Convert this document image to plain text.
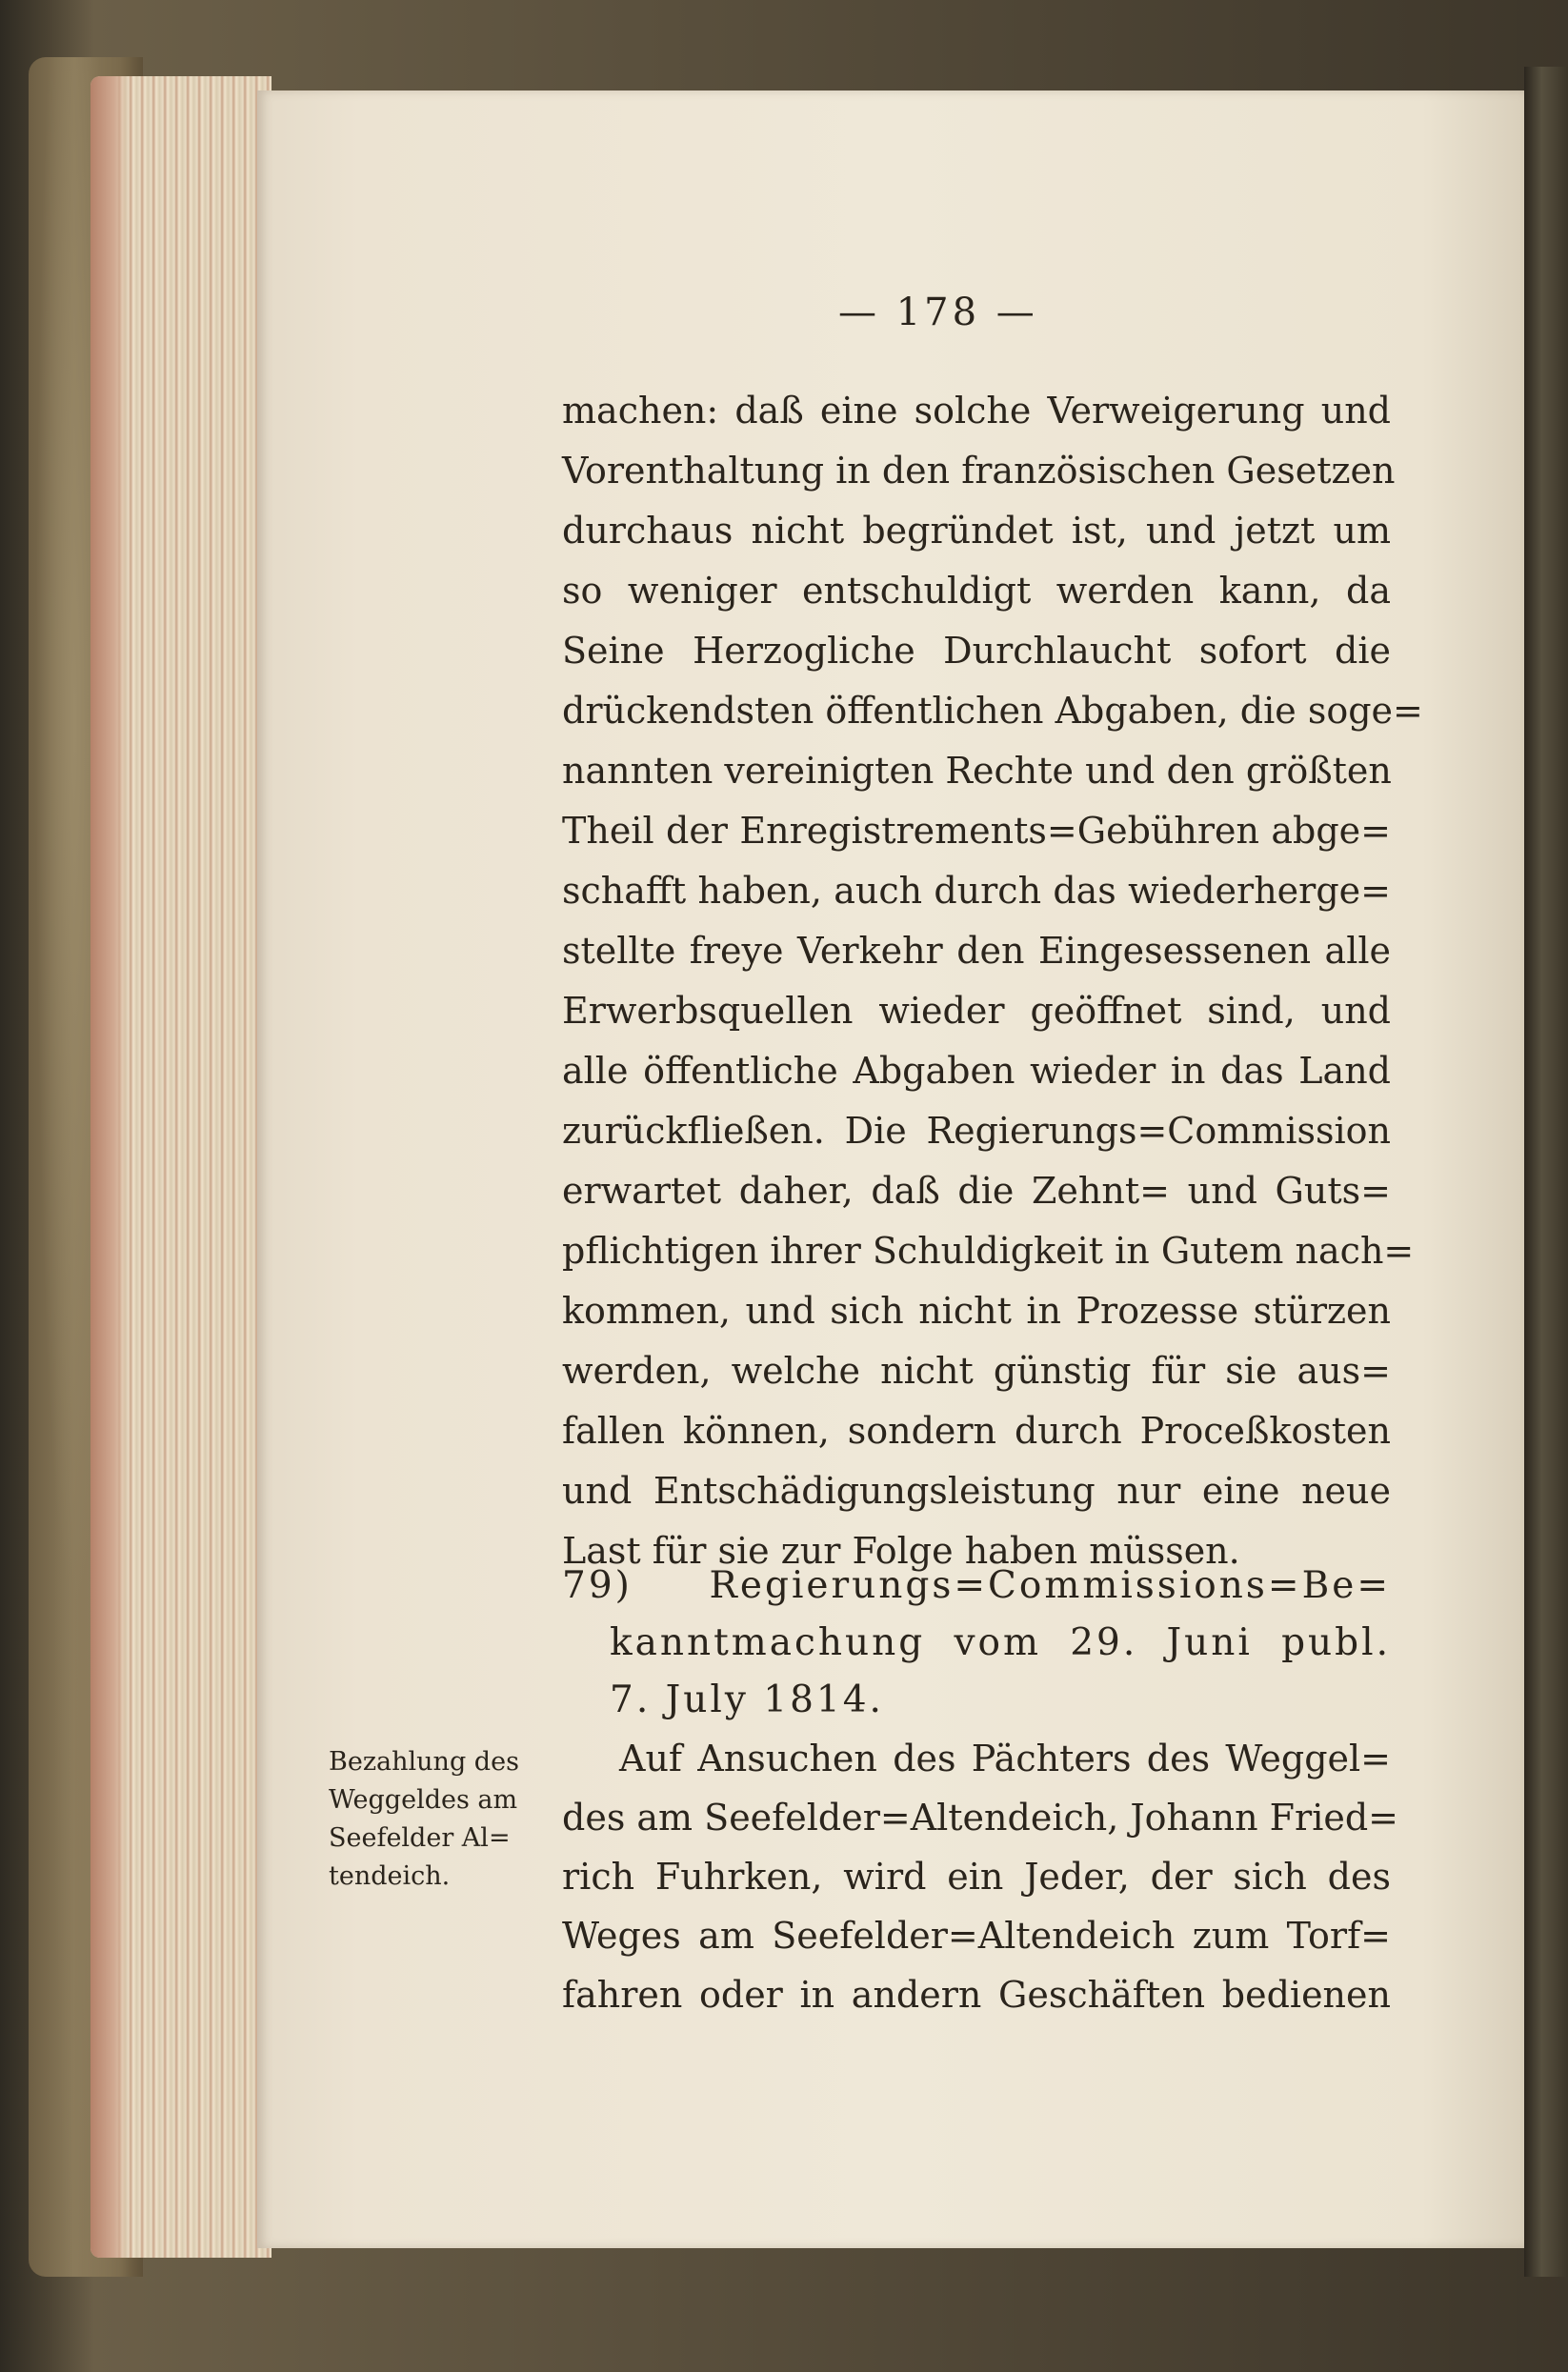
— 178 —
machen: daß eine solche Verweigerung und
Vorenthaltung in den französischen Gesetzen
durchaus nicht begründet ist, und jetzt um
so weniger entschuldigt werden kann, da
Seine Herzogliche Durchlaucht sofort die
drückendsten öffentlichen Abgaben, die soge=
nannten vereinigten Rechte und den größten
Theil der Enregistrements=Gebühren abge=
schafft haben, auch durch das wiederherge=
stellte freye Verkehr den Eingesessenen alle
Erwerbsquellen wieder geöffnet sind, und
alle öffentliche Abgaben wieder in das Land
zurückfließen. Die Regierungs=Commission
erwartet daher, daß die Zehnt= und Guts=
pflichtigen ihrer Schuldigkeit in Gutem nach=
kommen, und sich nicht in Prozesse stürzen
werden, welche nicht günstig für sie aus=
fallen können, sondern durch Proceßkosten
und Entschädigungsleistung nur eine neue
Last für sie zur Folge haben müssen.
79) Regierungs=Commissions=Be=
kanntmachung vom 29. Juni publ.
7. July 1814.
Bezahlung des
Weggeldes am
Seefelder Al=
tendeich.
Auf Ansuchen des Pächters des Weggel=
des am Seefelder=Altendeich, Johann Fried=
rich Fuhrken, wird ein Jeder, der sich des
Weges am Seefelder=Altendeich zum Torf=
fahren oder in andern Geschäften bedienen
